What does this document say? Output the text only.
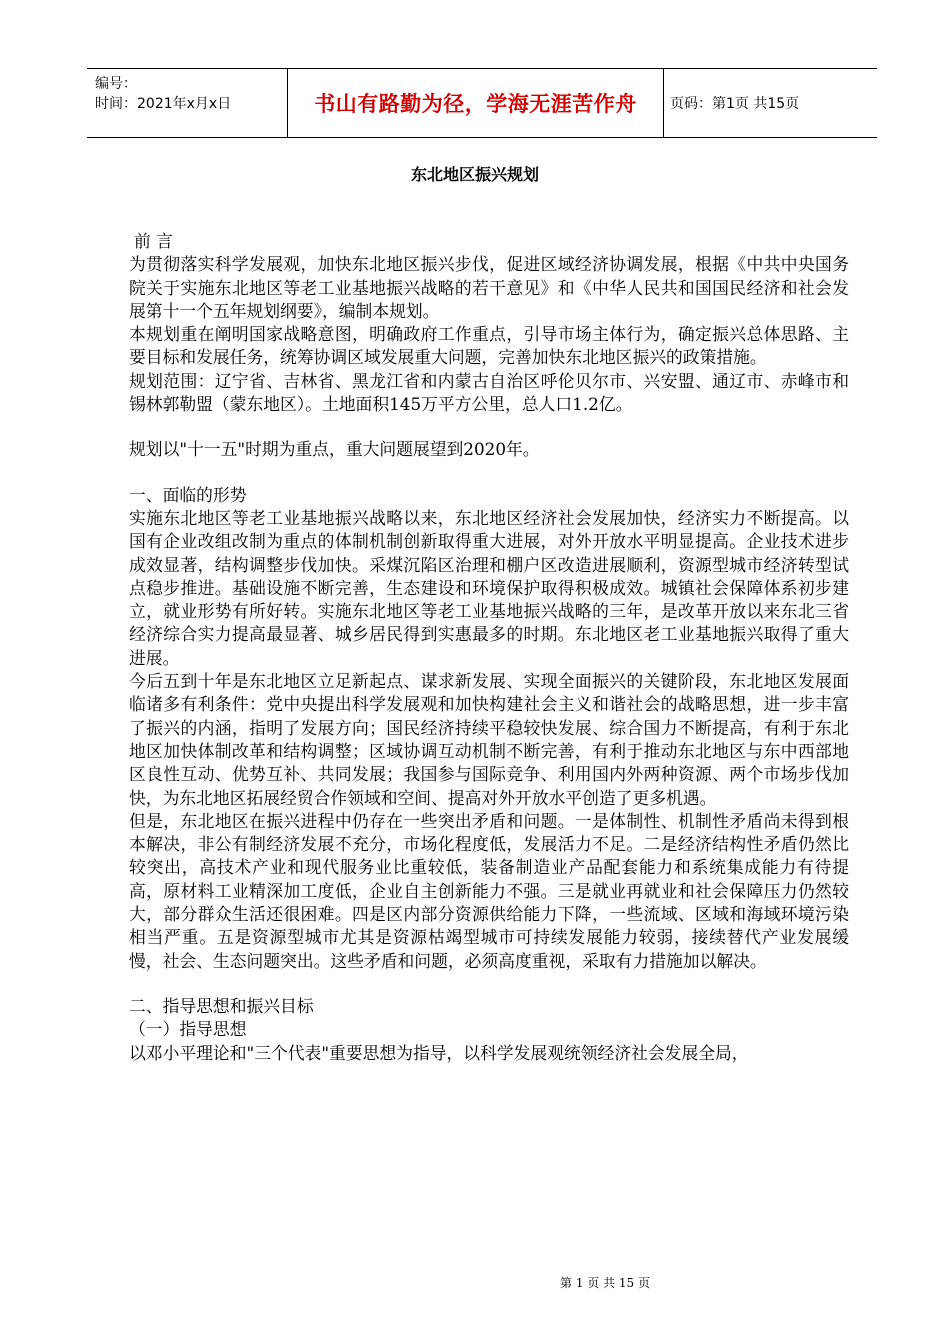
编号：
时间：2021年x月x日	书山有路勤为径，学海无涯苦作舟 页码：第1页 共15页
东北地区振兴规划

前 言

为贯彻落实科学发展观，加快东北地区振兴步伐，促进区域经济协调发展，根据《中共中央国务院关于实施东北地区等老工业基地振兴战略的若干意见》和《中华人民共和国国民经济和社会发展第十一个五年规划纲要》，编制本规划。

本规划重在阐明国家战略意图，明确政府工作重点，引导市场主体行为，确定振兴总体思路、主要目标和发展任务，统筹协调区域发展重大问题，完善加快东北地区振兴的政策措施。

规划范围：辽宁省、吉林省、黑龙江省和内蒙古自治区呼伦贝尔市、兴安盟、通辽市、赤峰市和锡林郭勒盟（蒙东地区）。土地面积145万平方公里，总人口1.2亿。

规划以"十一五"时期为重点，重大问题展望到2020年。

一、面临的形势

实施东北地区等老工业基地振兴战略以来，东北地区经济社会发展加快，经济实力不断提高。以国有企业改组改制为重点的体制机制创新取得重大进展，对外开放水平明显提高。企业技术进步成效显著，结构调整步伐加快。采煤沉陷区治理和棚户区改造进展顺利，资源型城市经济转型试点稳步推进。基础设施不断完善，生态建设和环境保护取得积极成效。城镇社会保障体系初步建立，就业形势有所好转。实施东北地区等老工业基地振兴战略的三年，是改革开放以来东北三省经济综合实力提高最显著、城乡居民得到实惠最多的时期。东北地区老工业基地振兴取得了重大进展。

今后五到十年是东北地区立足新起点、谋求新发展、实现全面振兴的关键阶段，东北地区发展面临诸多有利条件：党中央提出科学发展观和加快构建社会主义和谐社会的战略思想，进一步丰富了振兴的内涵，指明了发展方向；国民经济持续平稳较快发展、综合国力不断提高，有利于东北地区加快体制改革和结构调整；区域协调互动机制不断完善，有利于推动东北地区与东中西部地区良性互动、优势互补、共同发展；我国参与国际竞争、利用国内外两种资源、两个市场步伐加快，为东北地区拓展经贸合作领域和空间、提高对外开放水平创造了更多机遇。

但是，东北地区在振兴进程中仍存在一些突出矛盾和问题。一是体制性、机制性矛盾尚未得到根本解决，非公有制经济发展不充分，市场化程度低，发展活力不足。二是经济结构性矛盾仍然比较突出，高技术产业和现代服务业比重较低，装备制造业产品配套能力和系统集成能力有待提高，原材料工业精深加工度低，企业自主创新能力不强。三是就业再就业和社会保障压力仍然较大，部分群众生活还很困难。四是区内部分资源供给能力下降，一些流域、区域和海域环境污染相当严重。五是资源型城市尤其是资源枯竭型城市可持续发展能力较弱，接续替代产业发展缓慢，社会、生态问题突出。这些矛盾和问题，必须高度重视，采取有力措施加以解决。

二、指导思想和振兴目标

（一）指导思想

以邓小平理论和"三个代表"重要思想为指导，以科学发展观统领经济社会发展全局，

第 1 页 共 15 页
